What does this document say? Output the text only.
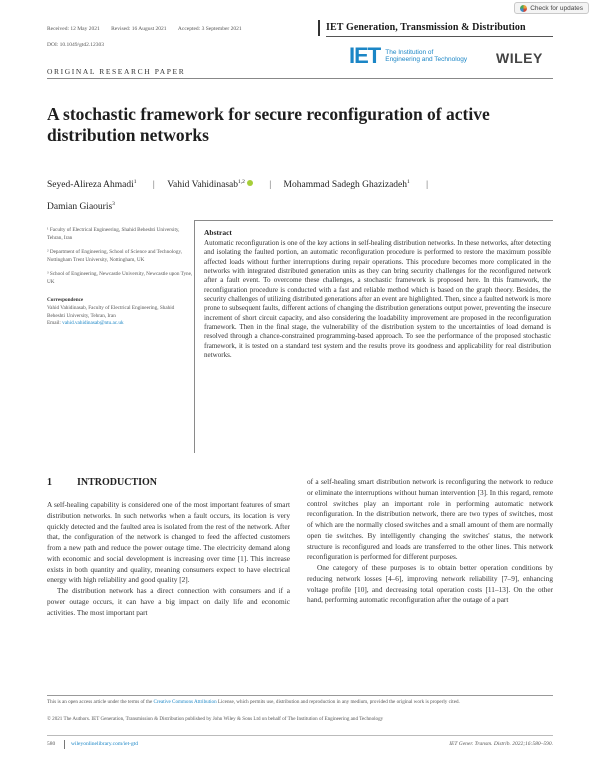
Check for updates
Received: 12 May 2021 Revised: 16 August 2021 Accepted: 3 September 2021
DOI: 10.1049/gtd2.12303
IET Generation, Transmission & Distribution
IET The Institution of
Engineering and Technology WILEY
ORIGINAL RESEARCH PAPER
A stochastic framework for secure reconfiguration of active distribution networks
Seyed-Alireza Ahmadi$^1$ | Vahid Vahidinasab$^{1,2}$	| Mohammad Sadegh Ghazizadeh$^1$ |
Damian Giaouris$^3$
¹ Faculty of Electrical Engineering, Shahid Beheshti University, Tehran, Iran
² Department of Engineering, School of Science and Technology, Nottingham Trent University, Nottingham, UK
³ School of Engineering, Newcastle University, Newcastle upon Tyne, UK
Correspondence
Vahid Vahidinasab, Faculty of Electrical Engineering, Shahid Beheshti University, Tehran, Iran
Email: vahid.vahidinasab@ntu.ac.uk
Abstract
Automatic reconfiguration is one of the key actions in self-healing distribution networks. In these networks, after detecting and isolating the faulted portion, an automatic reconfiguration procedure is performed to restore the maximum possible affected loads without further interruptions during repair operations. This procedure becomes more complicated in the networks with integrated distributed generation units as they can bring security challenges for the reconfigured network after a fault event. To overcome these challenges, a stochastic framework is proposed here. In this framework, the reconfiguration procedure is conducted with a fast and reliable method which is based on the graph theory. Besides, the security challenges of utilizing distributed generations after an event are highlighted. Then, since a faulted network is more prone to subsequent faults, different actions of changing the distribution generations output power, preventing the insecure increment of short circuit capacity, and also considering the loadability improvement are proposed in the reconfiguration framework. Then in the final stage, the vulnerability of the distribution system to the uncertainties of load demand is resolved through a chance-constrained programming-based approach. To see the performance of the proposed stochastic framework, it is tested on a standard test system and the results prove its goodness and applicability for real distribution networks.
1	INTRODUCTION

A self-healing capability is considered one of the most important features of smart distribution networks. In such networks when a fault occurs, its location is very quickly detected and the faulted area is isolated from the rest of the network. After that, the configuration of the network is changed to feed the affected customers from a new path and reduce the power outage time. The electricity demand along with economic and social development is increasing over time [1]. This increase exists in both quantity and quality, meaning consumers expect to have electrical energy with high reliability and good quality [2].

The distribution network has a direct connection with consumers and if a power outage occurs, it can have a big impact on daily life and economic activities. The most important part

of a self-healing smart distribution network is reconfiguring the network to reduce or eliminate the interruptions without human intervention [3]. In this regard, remote control switches play an important role in performing automatic network reconfiguration. In the distribution network, there are two types of switches, most of which are the normally closed switches and a small amount of them are normally open tie switches. By intelligently changing the switches' status, the network structure is reconfigured and loads are transferred to the other lines. This network reconfiguration is performed for different purposes.

One category of these purposes is to obtain better operation conditions by reducing network losses [4–6], improving network reliability [7–9], enhancing voltage profile [10], and decreasing total operation costs [11–13]. On the other hand, performing automatic reconfiguration after the outage of a part

This is an open access article under the terms of the Creative Commons Attribution License, which permits use, distribution and reproduction in any medium, provided the original work is properly cited.
© 2021 The Authors. IET Generation, Transmission & Distribution published by John Wiley & Sons Ltd on behalf of The Institution of Engineering and Technology
580	wileyonlinelibrary.com/iet-gtd	IET Gener. Transm. Distrib. 2022;16:580–590.
